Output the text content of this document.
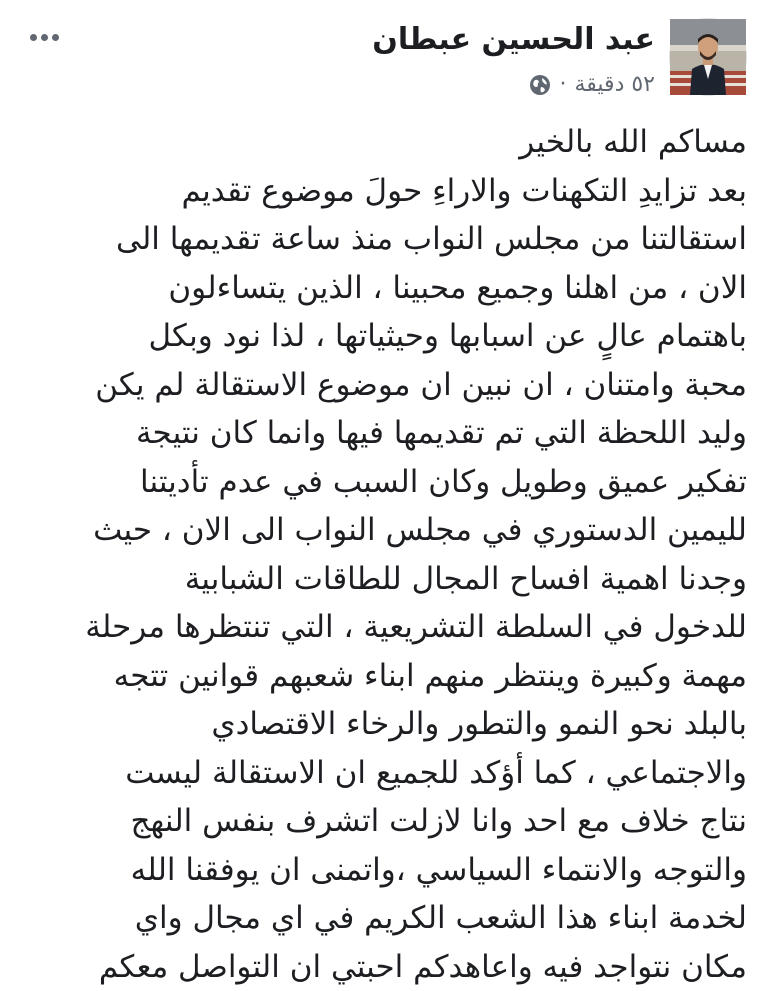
عبد الحسين عبطان
٥٢ دقيقة
·
مساكم الله بالخير
بعد تزايدِ التكهنات والاراءِ حولَ موضوع تقديم
استقالتنا من مجلس النواب منذ ساعة تقديمها الى
الان ، من اهلنا وجميع محبينا ، الذين يتساءلون
باهتمام عالٍ عن اسبابها وحيثياتها ، لذا نود وبكل
محبة وامتنان ، ان نبين ان موضوع الاستقالة لم يكن
وليد اللحظة التي تم تقديمها فيها وانما كان نتيجة
تفكير عميق وطويل وكان السبب في عدم تأديتنا
لليمين الدستوري في مجلس النواب الى الان ، حيث
وجدنا اهمية افساح المجال للطاقات الشبابية
للدخول في السلطة التشريعية ، التي تنتظرها مرحلة
مهمة وكبيرة وينتظر منهم ابناء شعبهم قوانين تتجه
بالبلد نحو النمو والتطور والرخاء الاقتصادي
والاجتماعي ، كما أؤكد للجميع ان الاستقالة ليست
نتاج خلاف مع احد وانا لازلت اتشرف بنفس النهج
والتوجه والانتماء السياسي ،واتمنى ان يوفقنا الله
لخدمة ابناء هذا الشعب الكريم في اي مجال واي
مكان نتواجد فيه واعاهدكم احبتي ان التواصل معكم
